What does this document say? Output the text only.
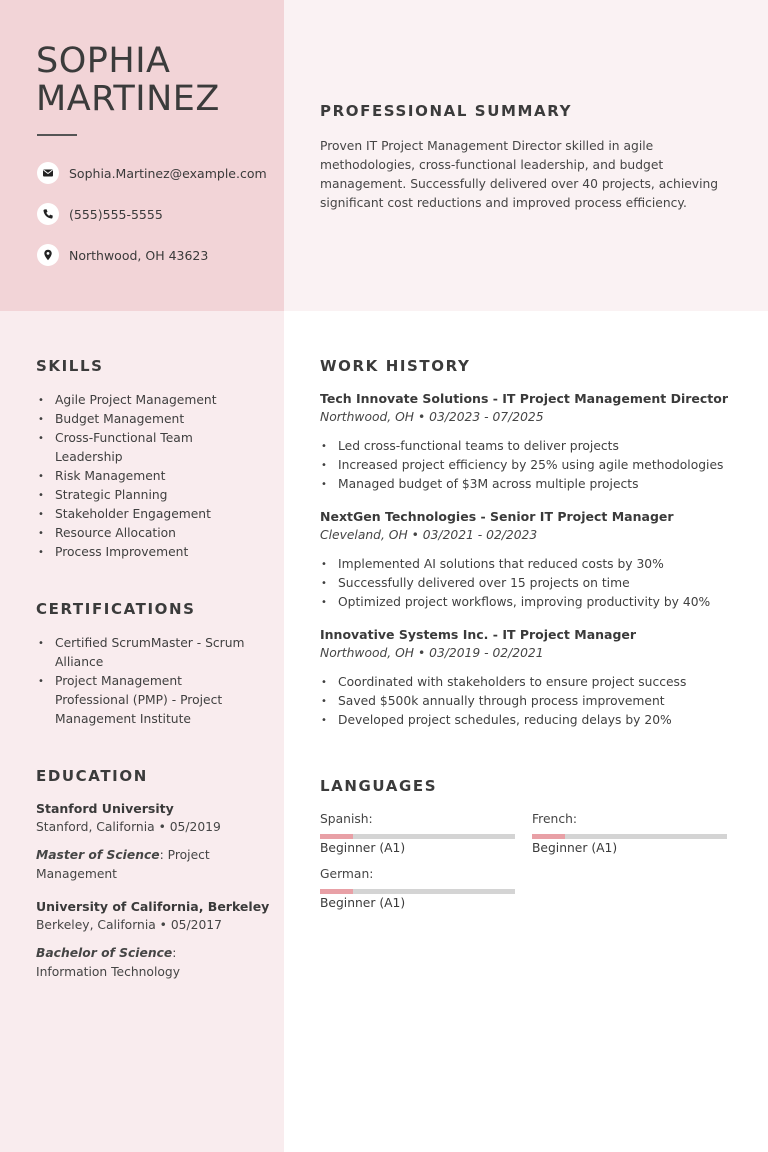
SOPHIA
MARTINEZ
Sophia.Martinez@example.com
(555)555-5555
Northwood, OH 43623
PROFESSIONAL SUMMARY
Proven IT Project Management Director skilled in agile methodologies, cross-functional leadership, and budget management. Successfully delivered over 40 projects, achieving significant cost reductions and improved process efficiency.
SKILLS
• Agile Project Management
• Budget Management
• Cross-Functional Team Leadership
• Risk Management
• Strategic Planning
• Stakeholder Engagement
• Resource Allocation
• Process Improvement
CERTIFICATIONS
• Certified ScrumMaster - Scrum Alliance
• Project Management Professional (PMP) - Project Management Institute
EDUCATION
Stanford University
Stanford, California • 05/2019
Master of Science: Project Management
University of California, Berkeley
Berkeley, California • 05/2017
Bachelor of Science: Information Technology
WORK HISTORY
Tech Innovate Solutions - IT Project Management Director
Northwood, OH • 03/2023 - 07/2025
• Led cross-functional teams to deliver projects
• Increased project efficiency by 25% using agile methodologies
• Managed budget of $3M across multiple projects
NextGen Technologies - Senior IT Project Manager
Cleveland, OH • 03/2021 - 02/2023
• Implemented AI solutions that reduced costs by 30%
• Successfully delivered over 15 projects on time
• Optimized project workflows, improving productivity by 40%
Innovative Systems Inc. - IT Project Manager
Northwood, OH • 03/2019 - 02/2021
• Coordinated with stakeholders to ensure project success
• Saved $500k annually through process improvement
• Developed project schedules, reducing delays by 20%
LANGUAGES
Spanish:
Beginner (A1)
French:
Beginner (A1)
German:
Beginner (A1)
